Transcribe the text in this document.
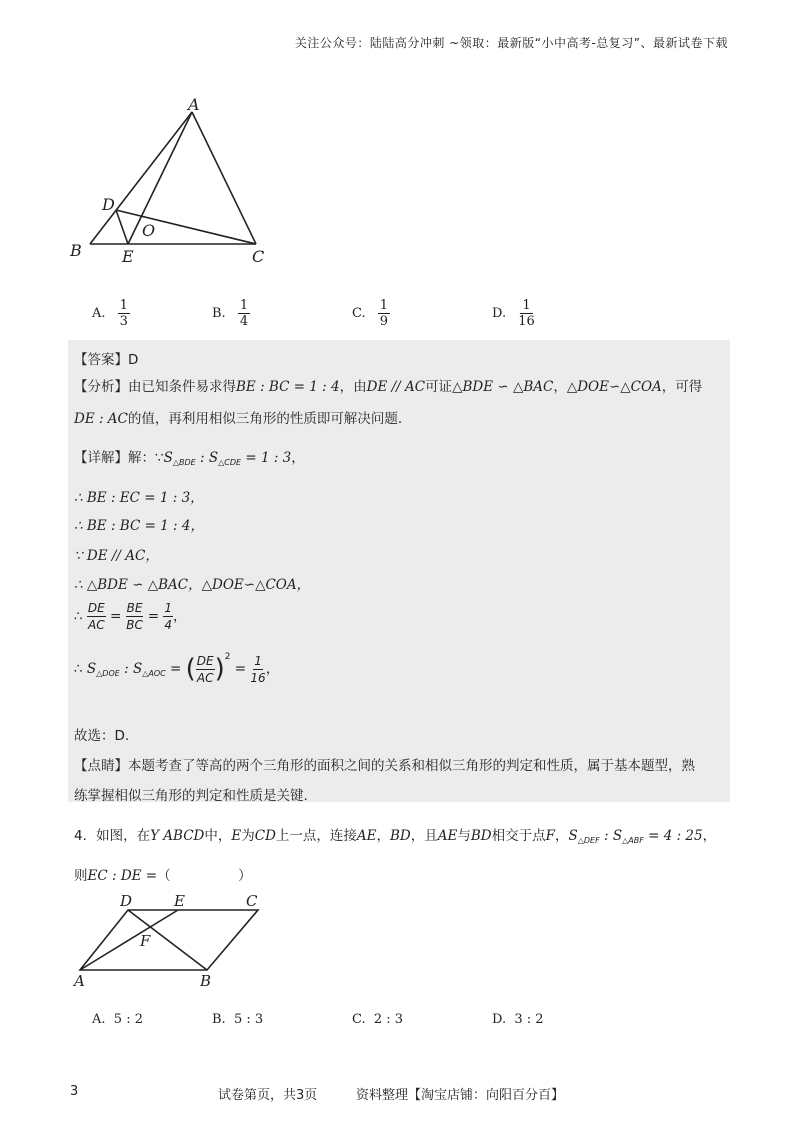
关注公众号：陆陆高分冲刺 ~领取：最新版“小中高考-总复习”、最新试卷下载
A
B	C
D
E
O
A. $\frac{1}{3}$	B. $\frac{1}{4}$	C. $\frac{1}{9}$	D. $\frac{1}{16}$
【答案】D
【分析】由已知条件易求得BE : BC = 1 : 4，由DE // AC可证△BDE ∽ △BAC，△DOE∽△COA，可得
DE : AC的值，再利用相似三角形的性质即可解决问题.
【详解】解：$\because S_{\triangle BDE}$ : $S_{\triangle CDE} = 1$ : 3，
∴ BE : EC = 1 : 3，
∴ BE : BC = 1 : 4，
∵ DE // AC，
∴ △BDE ∽ △BAC，△DOE∽△COA，
∴ $\frac{DE}{AC} = \frac{BE}{BC} = \frac{1}{4}$ ，
∴ $S_{\triangle DOE}$ : $S_{\triangle AOC}$ = ( $\frac{DE}{AC} )^2 = \frac{1}{16}$ ，
故选：D.
【点睛】本题考查了等高的两个三角形的面积之间的关系和相似三角形的判定和性质，属于基本题型，熟
练掌握相似三角形的判定和性质是关键.
4．如图，在Y ABCD中，E为CD上一点，连接AE，BD，且AE与BD相交于点F，$S_{\triangle DEF}$ : $S_{\triangle ABF} = 4$ : 25，
则EC : DE =（　　　　　）
A	B
C
D	E
F
A. 5 : 2	B. 5 : 3	C. 2 : 3	D. 3 : 2
3	试卷第页，共3页	资料整理【淘宝店铺：向阳百分百】
